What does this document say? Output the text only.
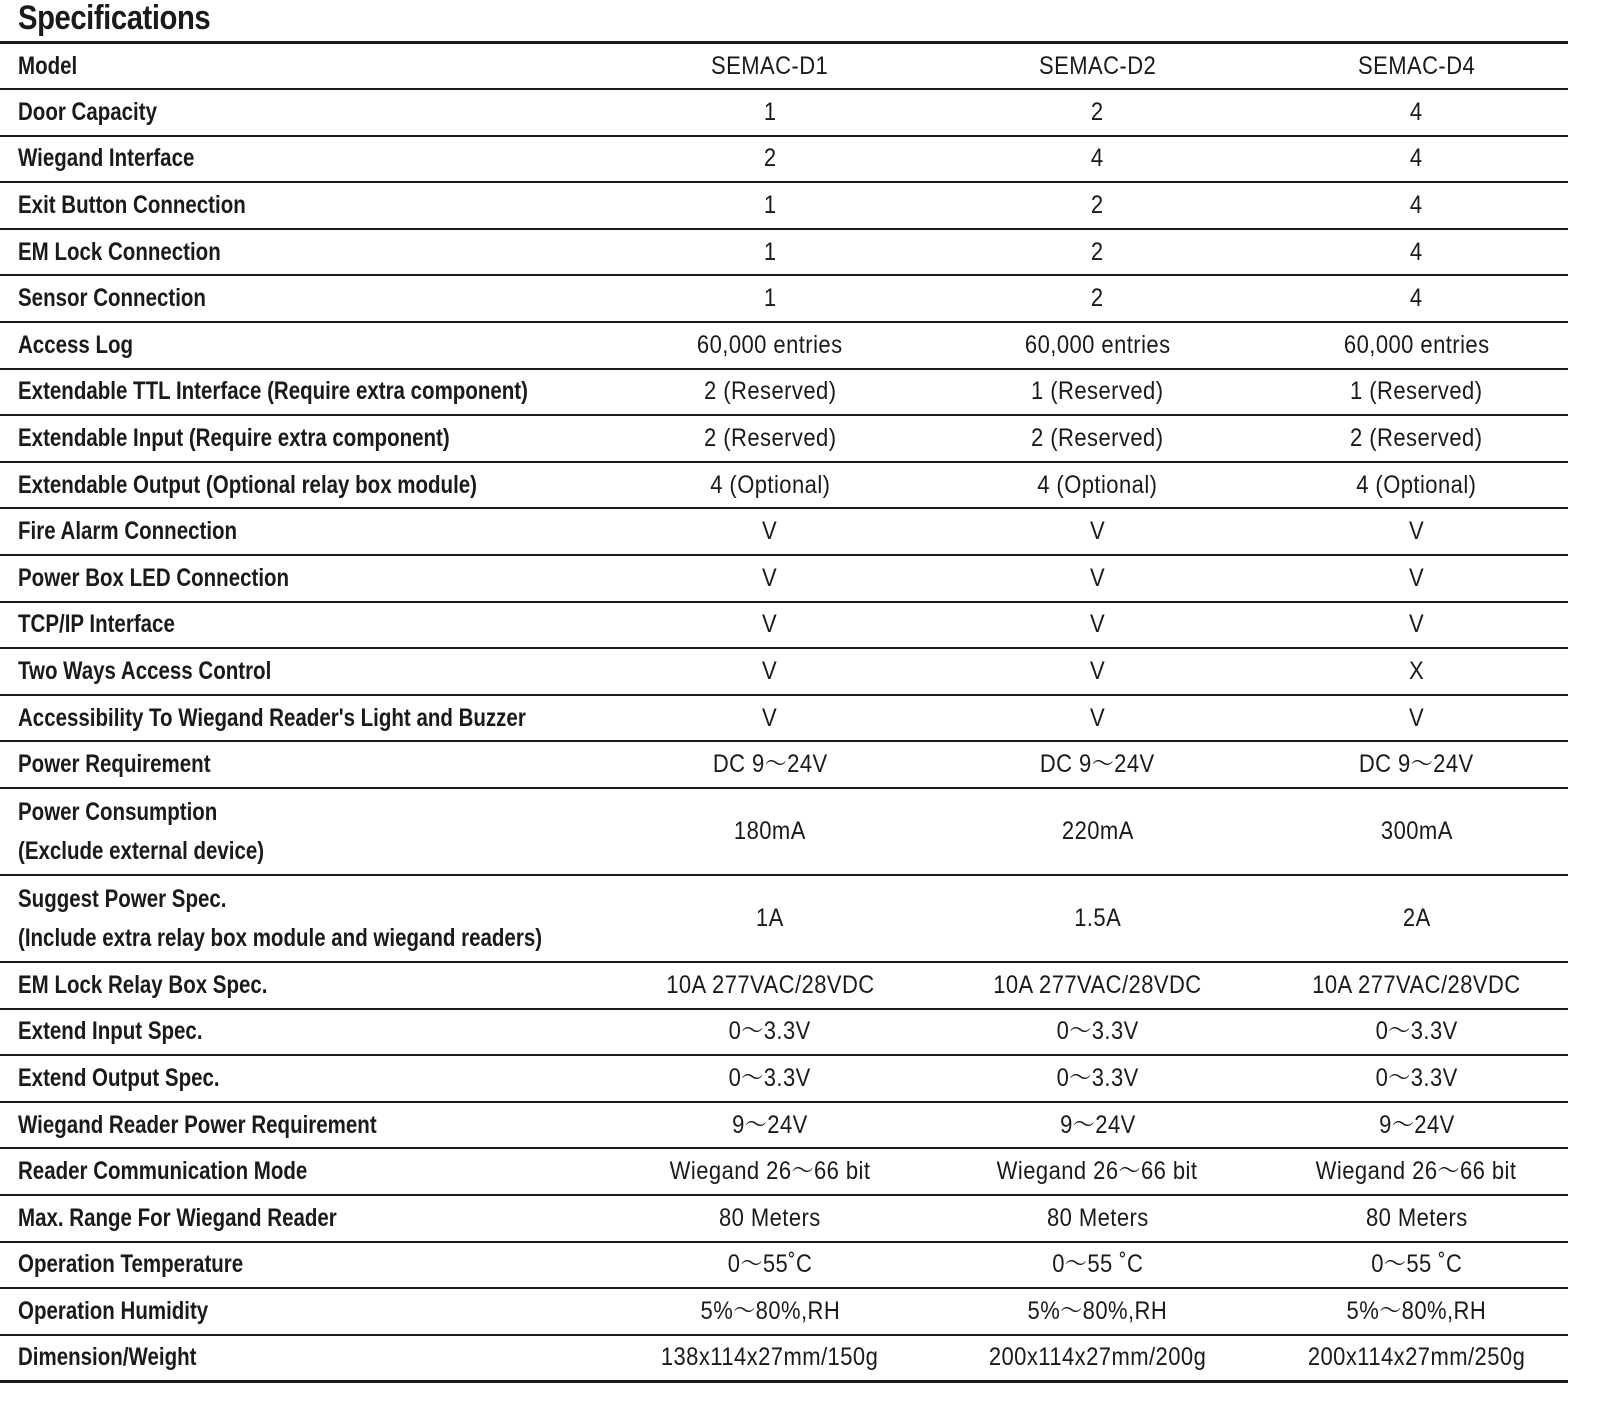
Specifications
Model	SEMAC-D1	SEMAC-D2	SEMAC-D4
Door Capacity	1	2	4
Wiegand Interface	2	4	4
Exit Button Connection	1	2	4
EM Lock Connection	1	2	4
Sensor Connection	1	2	4
Access Log	60,000 entries	60,000 entries	60,000 entries
Extendable TTL Interface (Require extra component)	2 (Reserved)	1 (Reserved)	1 (Reserved)
Extendable Input (Require extra component)	2 (Reserved)	2 (Reserved)	2 (Reserved)
Extendable Output (Optional relay box module)	4 (Optional)	4 (Optional)	4 (Optional)
Fire Alarm Connection	V	V	V
Power Box LED Connection	V	V	V
TCP/IP Interface	V	V	V
Two Ways Access Control	V	V	X
Accessibility To Wiegand Reader's Light and Buzzer	V	V	V
Power Requirement	DC 9～24V	DC 9～24V	DC 9～24V
Power Consumption
(Exclude external device)	180mA	220mA	300mA
Suggest Power Spec.
(Include extra relay box module and wiegand readers)	1A	1.5A	2A
EM Lock Relay Box Spec.	10A 277VAC/28VDC	10A 277VAC/28VDC	10A 277VAC/28VDC
Extend Input Spec.	0～3.3V	0～3.3V	0～3.3V
Extend Output Spec.	0～3.3V	0～3.3V	0～3.3V
Wiegand Reader Power Requirement	9～24V	9～24V	9～24V
Reader Communication Mode	Wiegand 26～66 bit	Wiegand 26～66 bit	Wiegand 26～66 bit
Max. Range For Wiegand Reader	80 Meters	80 Meters	80 Meters
Operation Temperature	0～55˚C	0～55 ˚C	0～55 ˚C
Operation Humidity	5%～80%,RH	5%～80%,RH	5%～80%,RH
Dimension/Weight	138x114x27mm/150g	200x114x27mm/200g	200x114x27mm/250g
